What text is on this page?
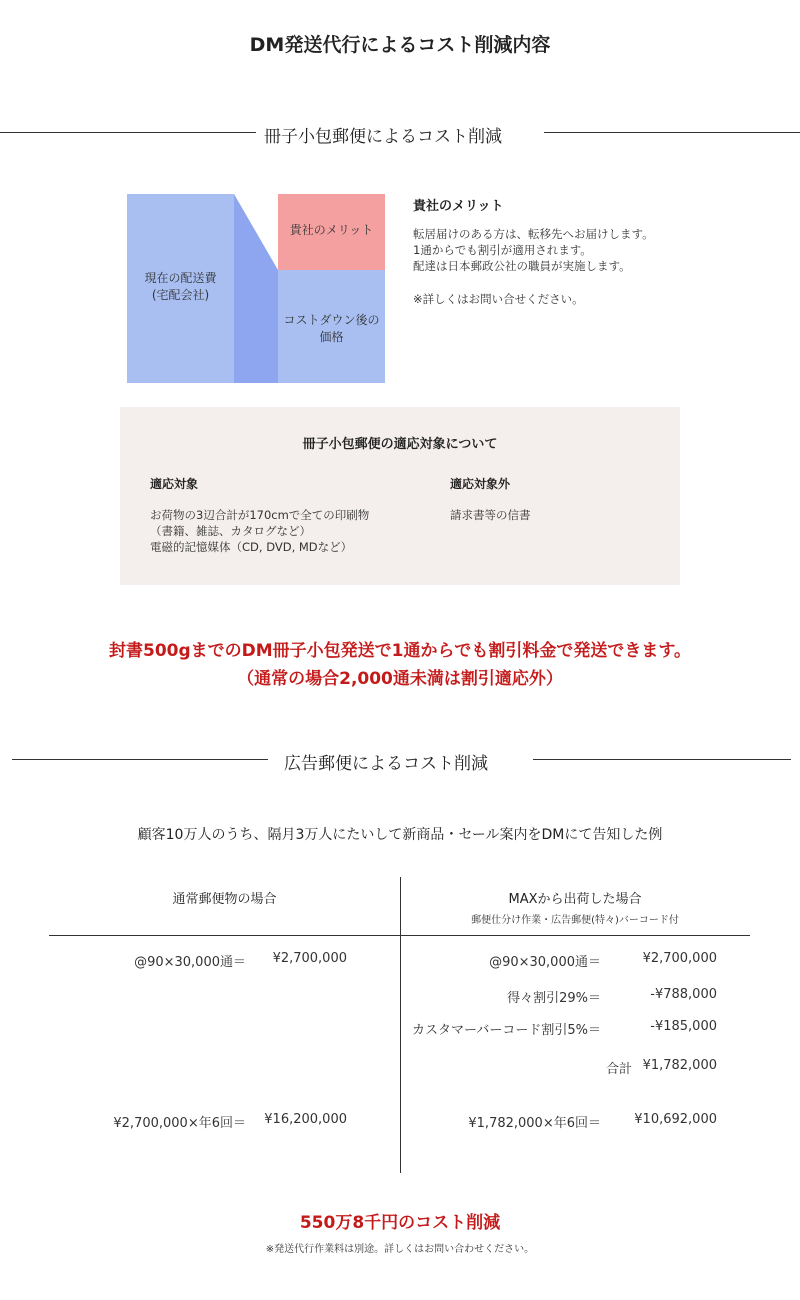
DM発送代行によるコスト削減内容
冊子小包郵便によるコスト削減
現在の配送費
(宅配会社)
貴社のメリット
コストダウン後の
価格
貴社のメリット
転居届けのある方は、転移先へお届けします。
1通からでも割引が適用されます。
配達は日本郵政公社の職員が実施します。
※詳しくはお問い合せください。
冊子小包郵便の適応対象について
適応対象
お荷物の3辺合計が170cmで全ての印刷物
（書籍、雑誌、カタログなど）
電磁的記憶媒体（CD, DVD, MDなど）
適応対象外
請求書等の信書
封書500gまでのDM冊子小包発送で1通からでも割引料金で発送できます。
（通常の場合2,000通未満は割引適応外）
広告郵便によるコスト削減
顧客10万人のうち、隔月3万人にたいして新商品・セール案内をDMにて告知した例
通常郵便物の場合	MAXから出荷した場合
郵便仕分け作業・広告郵便(特々)バーコード付
@90×30,000通＝	¥2,700,000
¥2,700,000×年6回＝	¥16,200,000
@90×30,000通＝	¥2,700,000
得々割引29%＝	-¥788,000
カスタマーバーコード割引5%＝	-¥185,000
合計 ¥1,782,000
¥1,782,000×年6回＝	¥10,692,000
550万8千円のコスト削減
※発送代行作業料は別途。詳しくはお問い合わせください。
